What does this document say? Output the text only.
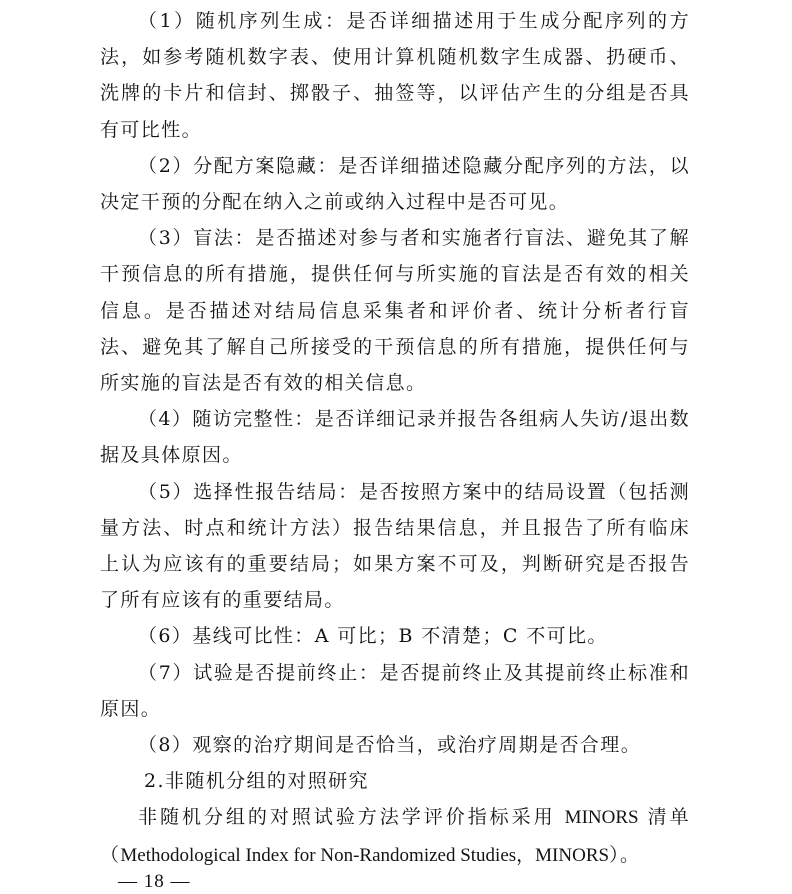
（1）随机序列生成：是否详细描述用于生成分配序列的方法，如参考随机数字表、使用计算机随机数字生成器、扔硬币、洗牌的卡片和信封、掷骰子、抽签等，以评估产生的分组是否具有可比性。

（2）分配方案隐藏：是否详细描述隐藏分配序列的方法，以决定干预的分配在纳入之前或纳入过程中是否可见。

（3）盲法：是否描述对参与者和实施者行盲法、避免其了解干预信息的所有措施，提供任何与所实施的盲法是否有效的相关信息。是否描述对结局信息采集者和评价者、统计分析者行盲法、避免其了解自己所接受的干预信息的所有措施，提供任何与所实施的盲法是否有效的相关信息。

（4）随访完整性：是否详细记录并报告各组病人失访/退出数据及具体原因。

（5）选择性报告结局：是否按照方案中的结局设置（包括测量方法、时点和统计方法）报告结果信息，并且报告了所有临床上认为应该有的重要结局；如果方案不可及，判断研究是否报告了所有应该有的重要结局。

（6）基线可比性：A 可比；B 不清楚；C 不可比。

（7）试验是否提前终止：是否提前终止及其提前终止标准和原因。

（8）观察的治疗期间是否恰当，或治疗周期是否合理。

2.非随机分组的对照研究

非随机分组的对照试验方法学评价指标采用 MINORS 清单（Methodological Index for Non-Randomized Studies，MINORS）。

— 18 —
